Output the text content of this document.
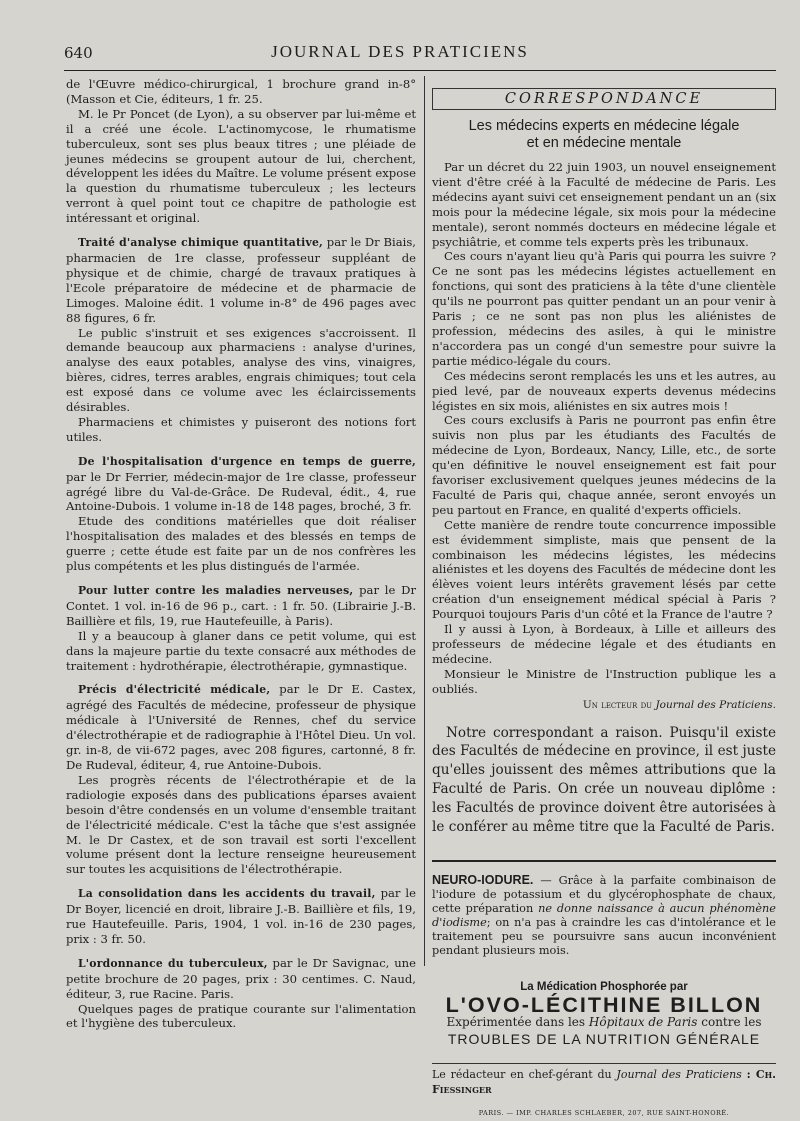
640	JOURNAL DES PRATICIENS

de l'Œuvre médico-chirurgical, 1 brochure grand in-8° (Masson et Cie, éditeurs, 1 fr. 25.

M. le Pr Poncet (de Lyon), a su observer par lui-même et il a créé une école. L'actinomycose, le rhumatisme tuberculeux, sont ses plus beaux titres ; une pléiade de jeunes médecins se groupent autour de lui, cherchent, développent les idées du Maître. Le volume présent expose la question du rhumatisme tuberculeux ; les lecteurs verront à quel point tout ce chapitre de pathologie est intéressant et original.

Traité d'analyse chimique quantitative, par le Dr Biais, pharmacien de 1re classe, professeur suppléant de physique et de chimie, chargé de travaux pratiques à l'Ecole préparatoire de médecine et de pharmacie de Limoges. Maloine édit. 1 volume in-8° de 496 pages avec 88 figures, 6 fr.

Le public s'instruit et ses exigences s'accroissent. Il demande beaucoup aux pharmaciens : analyse d'urines, analyse des eaux potables, analyse des vins, vinaigres, bières, cidres, terres arables, engrais chimiques; tout cela est exposé dans ce volume avec les éclaircissements désirables.

Pharmaciens et chimistes y puiseront des notions fort utiles.

De l'hospitalisation d'urgence en temps de guerre, par le Dr Ferrier, médecin-major de 1re classe, professeur agrégé libre du Val-de-Grâce. De Rudeval, édit., 4, rue Antoine-Dubois. 1 volume in-18 de 148 pages, broché, 3 fr.

Etude des conditions matérielles que doit réaliser l'hospitalisation des malades et des blessés en temps de guerre ; cette étude est faite par un de nos confrères les plus compétents et les plus distingués de l'armée.

Pour lutter contre les maladies nerveuses, par le Dr Contet. 1 vol. in-16 de 96 p., cart. : 1 fr. 50. (Librairie J.-B. Baillière et fils, 19, rue Hautefeuille, à Paris).

Il y a beaucoup à glaner dans ce petit volume, qui est dans la majeure partie du texte consacré aux méthodes de traitement : hydrothérapie, électrothérapie, gymnastique.

Précis d'électricité médicale, par le Dr E. Castex, agrégé des Facultés de médecine, professeur de physique médicale à l'Université de Rennes, chef du service d'électrothérapie et de radiographie à l'Hôtel Dieu. Un vol. gr. in-8, de vii-672 pages, avec 208 figures, cartonné, 8 fr. De Rudeval, éditeur, 4, rue Antoine-Dubois.

Les progrès récents de l'électrothérapie et de la radiologie exposés dans des publications éparses avaient besoin d'être condensés en un volume d'ensemble traitant de l'électricité médicale. C'est la tâche que s'est assignée M. le Dr Castex, et de son travail est sorti l'excellent volume présent dont la lecture renseigne heureusement sur toutes les acquisitions de l'électrothérapie.

La consolidation dans les accidents du travail, par le Dr Boyer, licencié en droit, libraire J.-B. Baillière et fils, 19, rue Hautefeuille. Paris, 1904, 1 vol. in-16 de 230 pages, prix : 3 fr. 50.

L'ordonnance du tuberculeux, par le Dr Savignac, une petite brochure de 20 pages, prix : 30 centimes. C. Naud, éditeur, 3, rue Racine. Paris.

Quelques pages de pratique courante sur l'alimentation et l'hygiène des tuberculeux.

CORRESPONDANCE
Les médecins experts en médecine légale
et en médecine mentale

Par un décret du 22 juin 1903, un nouvel enseignement vient d'être créé à la Faculté de médecine de Paris. Les médecins ayant suivi cet enseignement pendant un an (six mois pour la médecine légale, six mois pour la médecine mentale), seront nommés docteurs en médecine légale et psychiâtrie, et comme tels experts près les tribunaux.

Ces cours n'ayant lieu qu'à Paris qui pourra les suivre ? Ce ne sont pas les médecins légistes actuellement en fonctions, qui sont des praticiens à la tête d'une clientèle qu'ils ne pourront pas quitter pendant un an pour venir à Paris ; ce ne sont pas non plus les aliénistes de profession, médecins des asiles, à qui le ministre n'accordera pas un congé d'un semestre pour suivre la partie médico-légale du cours.

Ces médecins seront remplacés les uns et les autres, au pied levé, par de nouveaux experts devenus médecins légistes en six mois, aliénistes en six autres mois !

Ces cours exclusifs à Paris ne pourront pas enfin être suivis non plus par les étudiants des Facultés de médecine de Lyon, Bordeaux, Nancy, Lille, etc., de sorte qu'en définitive le nouvel enseignement est fait pour favoriser exclusivement quelques jeunes médecins de la Faculté de Paris qui, chaque année, seront envoyés un peu partout en France, en qualité d'experts officiels.

Cette manière de rendre toute concurrence impossible est évidemment simpliste, mais que pensent de la combinaison les médecins légistes, les médecins aliénistes et les doyens des Facultés de médecine dont les élèves voient leurs intérêts gravement lésés par cette création d'un enseignement médical spécial à Paris ? Pourquoi toujours Paris d'un côté et la France de l'autre ?

Il y aussi à Lyon, à Bordeaux, à Lille et ailleurs des professeurs de médecine légale et des étudiants en médecine.

Monsieur le Ministre de l'Instruction publique les a oubliés.

Un lecteur du Journal des Praticiens.

Notre correspondant a raison. Puisqu'il existe des Facultés de médecine en province, il est juste qu'elles jouissent des mêmes attributions que la Faculté de Paris. On crée un nouveau diplôme : les Facultés de province doivent être autorisées à le conférer au même titre que la Faculté de Paris.

NEURO-IODURE. — Grâce à la parfaite combinaison de l'iodure de potassium et du glycérophosphate de chaux, cette préparation ne donne naissance à aucun phénomène d'iodisme; on n'a pas à craindre les cas d'intolérance et le traitement peu se poursuivre sans aucun inconvénient pendant plusieurs mois.
La Médication Phosphorée par
L'OVO-LÉCITHINE BILLON
Expérimentée dans les Hôpitaux de Paris contre les
TROUBLES DE LA NUTRITION GÉNÉRALE
Le rédacteur en chef-gérant du Journal des Praticiens : Ch. Fiessinger
PARIS. — IMP. CHARLES SCHLAEBER, 207, RUE SAINT-HONORÉ.
